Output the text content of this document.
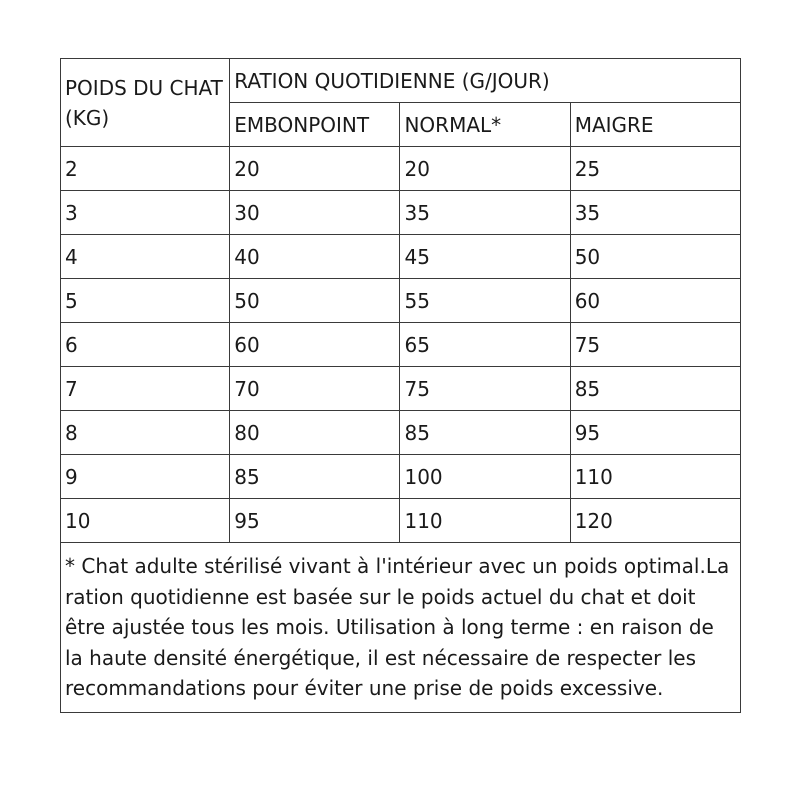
POIDS DU CHAT (KG)	RATION QUOTIDIENNE (G/JOUR)		
	EMBONPOINT	NORMAL*	MAIGRE
2	20	20	25
3	30	35	35
4	40	45	50
5	50	55	60
6	60	65	75
7	70	75	85
8	80	85	95
9	85	100	110
10	95	110	120
* Chat adulte stérilisé vivant à l'intérieur avec un poids optimal.La ration quotidienne est basée sur le poids actuel du chat et doit être ajustée tous les mois. Utilisation à long terme : en raison de la haute densité énergétique, il est nécessaire de respecter les recommandations pour éviter une prise de poids excessive.			
